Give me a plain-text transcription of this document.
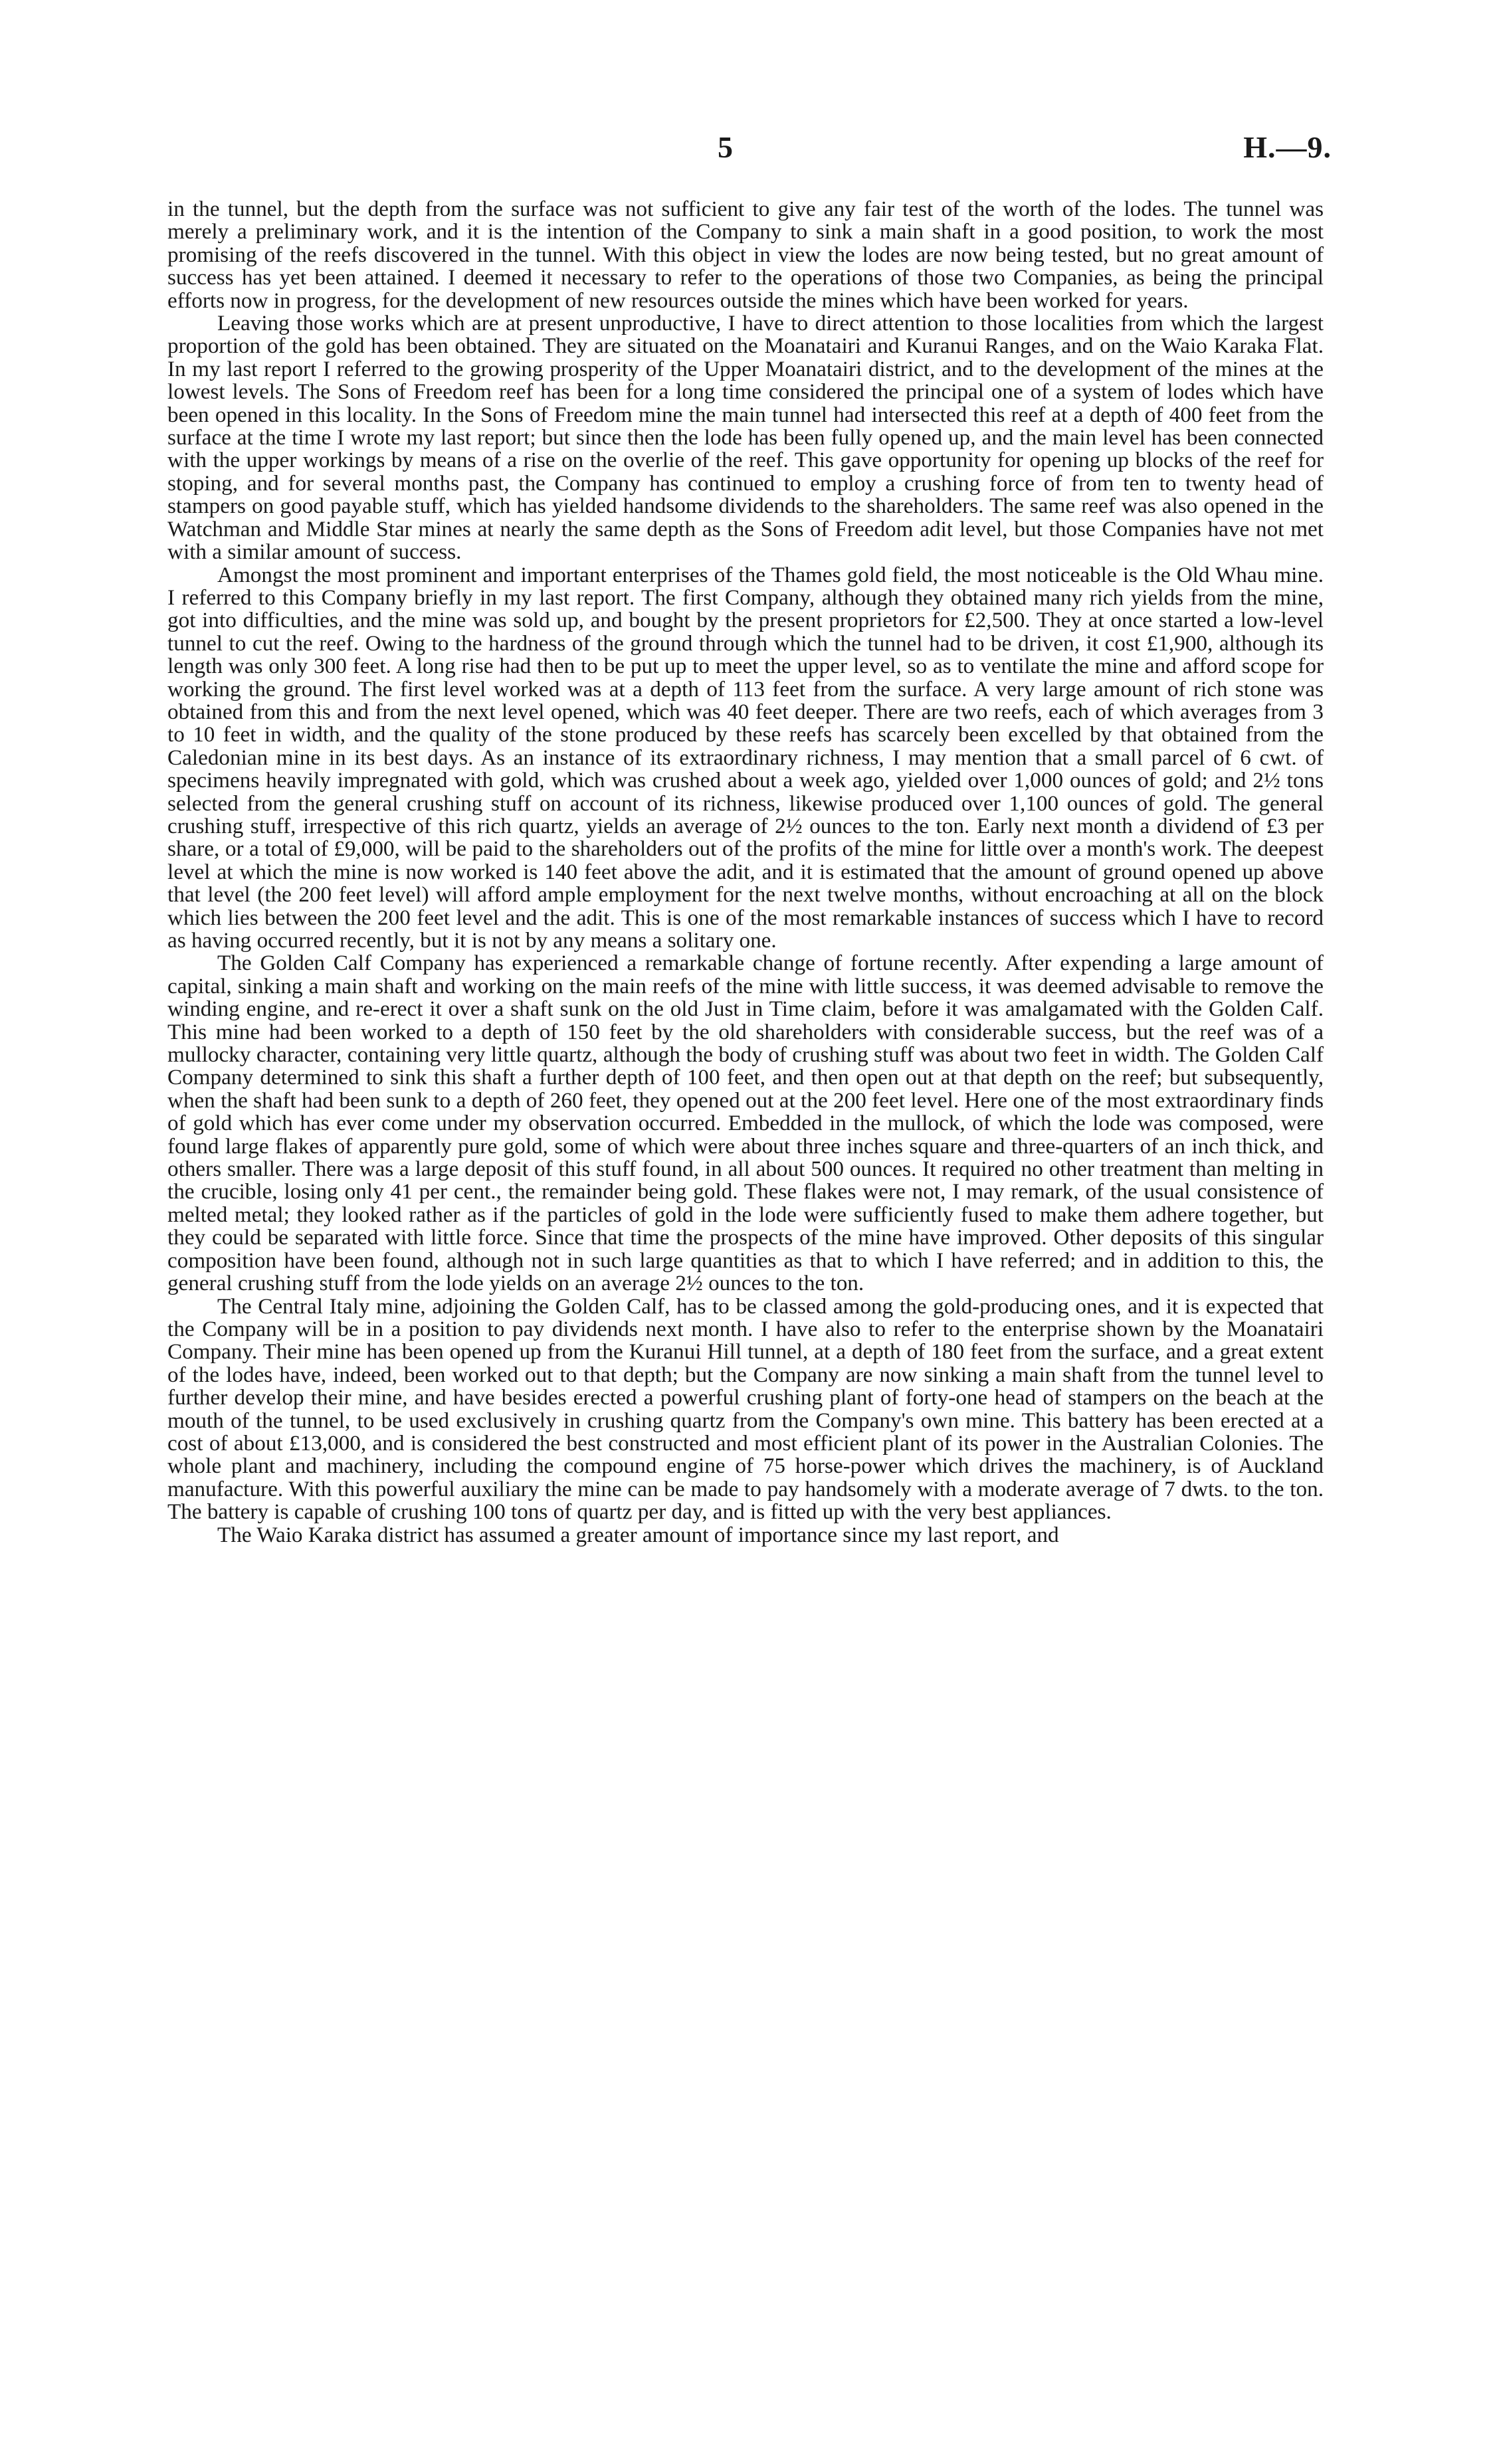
5	H.—9.

in the tunnel, but the depth from the surface was not sufficient to give any fair test of the worth of the lodes. The tunnel was merely a preliminary work, and it is the intention of the Company to sink a main shaft in a good position, to work the most promising of the reefs discovered in the tunnel. With this object in view the lodes are now being tested, but no great amount of success has yet been attained. I deemed it necessary to refer to the operations of those two Companies, as being the principal efforts now in progress, for the development of new resources outside the mines which have been worked for years.

Leaving those works which are at present unproductive, I have to direct attention to those localities from which the largest proportion of the gold has been obtained. They are situated on the Moanatairi and Kuranui Ranges, and on the Waio Karaka Flat. In my last report I referred to the growing prosperity of the Upper Moanatairi district, and to the development of the mines at the lowest levels. The Sons of Freedom reef has been for a long time considered the principal one of a system of lodes which have been opened in this locality. In the Sons of Freedom mine the main tunnel had intersected this reef at a depth of 400 feet from the surface at the time I wrote my last report; but since then the lode has been fully opened up, and the main level has been connected with the upper workings by means of a rise on the overlie of the reef. This gave opportunity for opening up blocks of the reef for stoping, and for several months past, the Company has continued to employ a crushing force of from ten to twenty head of stampers on good payable stuff, which has yielded handsome dividends to the shareholders. The same reef was also opened in the Watchman and Middle Star mines at nearly the same depth as the Sons of Freedom adit level, but those Companies have not met with a similar amount of success.

Amongst the most prominent and important enterprises of the Thames gold field, the most noticeable is the Old Whau mine. I referred to this Company briefly in my last report. The first Company, although they obtained many rich yields from the mine, got into difficulties, and the mine was sold up, and bought by the present proprietors for £2,500. They at once started a low-level tunnel to cut the reef. Owing to the hardness of the ground through which the tunnel had to be driven, it cost £1,900, although its length was only 300 feet. A long rise had then to be put up to meet the upper level, so as to ventilate the mine and afford scope for working the ground. The first level worked was at a depth of 113 feet from the surface. A very large amount of rich stone was obtained from this and from the next level opened, which was 40 feet deeper. There are two reefs, each of which averages from 3 to 10 feet in width, and the quality of the stone produced by these reefs has scarcely been excelled by that obtained from the Caledonian mine in its best days. As an instance of its extraordinary richness, I may mention that a small parcel of 6 cwt. of specimens heavily impregnated with gold, which was crushed about a week ago, yielded over 1,000 ounces of gold; and 2½ tons selected from the general crushing stuff on account of its richness, likewise produced over 1,100 ounces of gold. The general crushing stuff, irrespective of this rich quartz, yields an average of 2½ ounces to the ton. Early next month a dividend of £3 per share, or a total of £9,000, will be paid to the shareholders out of the profits of the mine for little over a month's work. The deepest level at which the mine is now worked is 140 feet above the adit, and it is estimated that the amount of ground opened up above that level (the 200 feet level) will afford ample employment for the next twelve months, without encroaching at all on the block which lies between the 200 feet level and the adit. This is one of the most remarkable instances of success which I have to record as having occurred recently, but it is not by any means a solitary one.

The Golden Calf Company has experienced a remarkable change of fortune recently. After expending a large amount of capital, sinking a main shaft and working on the main reefs of the mine with little success, it was deemed advisable to remove the winding engine, and re-erect it over a shaft sunk on the old Just in Time claim, before it was amalgamated with the Golden Calf. This mine had been worked to a depth of 150 feet by the old shareholders with considerable success, but the reef was of a mullocky character, containing very little quartz, although the body of crushing stuff was about two feet in width. The Golden Calf Company determined to sink this shaft a further depth of 100 feet, and then open out at that depth on the reef; but subsequently, when the shaft had been sunk to a depth of 260 feet, they opened out at the 200 feet level. Here one of the most extraordinary finds of gold which has ever come under my observation occurred. Embedded in the mullock, of which the lode was composed, were found large flakes of apparently pure gold, some of which were about three inches square and three-quarters of an inch thick, and others smaller. There was a large deposit of this stuff found, in all about 500 ounces. It required no other treatment than melting in the crucible, losing only 41 per cent., the remainder being gold. These flakes were not, I may remark, of the usual consistence of melted metal; they looked rather as if the particles of gold in the lode were sufficiently fused to make them adhere together, but they could be separated with little force. Since that time the prospects of the mine have improved. Other deposits of this singular composition have been found, although not in such large quantities as that to which I have referred; and in addition to this, the general crushing stuff from the lode yields on an average 2½ ounces to the ton.

The Central Italy mine, adjoining the Golden Calf, has to be classed among the gold-producing ones, and it is expected that the Company will be in a position to pay dividends next month. I have also to refer to the enterprise shown by the Moanatairi Company. Their mine has been opened up from the Kuranui Hill tunnel, at a depth of 180 feet from the surface, and a great extent of the lodes have, indeed, been worked out to that depth; but the Company are now sinking a main shaft from the tunnel level to further develop their mine, and have besides erected a powerful crushing plant of forty-one head of stampers on the beach at the mouth of the tunnel, to be used exclusively in crushing quartz from the Company's own mine. This battery has been erected at a cost of about £13,000, and is considered the best constructed and most efficient plant of its power in the Australian Colonies. The whole plant and machinery, including the compound engine of 75 horse-power which drives the machinery, is of Auckland manufacture. With this powerful auxiliary the mine can be made to pay handsomely with a moderate average of 7 dwts. to the ton. The battery is capable of crushing 100 tons of quartz per day, and is fitted up with the very best appliances.

The Waio Karaka district has assumed a greater amount of importance since my last report, and
